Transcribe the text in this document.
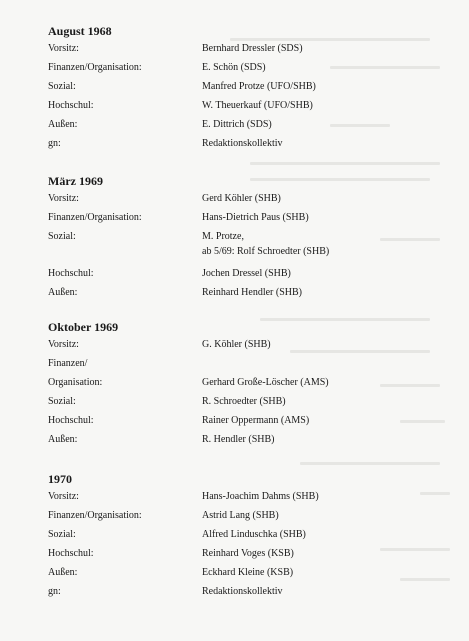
August 1968
Vorsitz:	Bernhard Dressler (SDS)
Finanzen/Organisation:	E. Schön (SDS)
Sozial:	Manfred Protze (UFO/SHB)
Hochschul:	W. Theuerkauf (UFO/SHB)
Außen:	E. Dittrich (SDS)
gn:	Redaktionskollektiv
März 1969
Vorsitz:	Gerd Köhler (SHB)
Finanzen/Organisation:	Hans-Dietrich Paus (SHB)
Sozial:	M. Protze,
ab 5/69: Rolf Schroedter (SHB)
Hochschul:	Jochen Dressel (SHB)
Außen:	Reinhard Hendler (SHB)
Oktober 1969
Vorsitz:	G. Köhler (SHB)
Finanzen/
Organisation:	Gerhard Große-Löscher (AMS)
Sozial:	R. Schroedter (SHB)
Hochschul:	Rainer Oppermann (AMS)
Außen:	R. Hendler (SHB)
1970
Vorsitz:	Hans-Joachim Dahms (SHB)
Finanzen/Organisation:	Astrid Lang (SHB)
Sozial:	Alfred Linduschka (SHB)
Hochschul:	Reinhard Voges (KSB)
Außen:	Eckhard Kleine (KSB)
gn:	Redaktionskollektiv
